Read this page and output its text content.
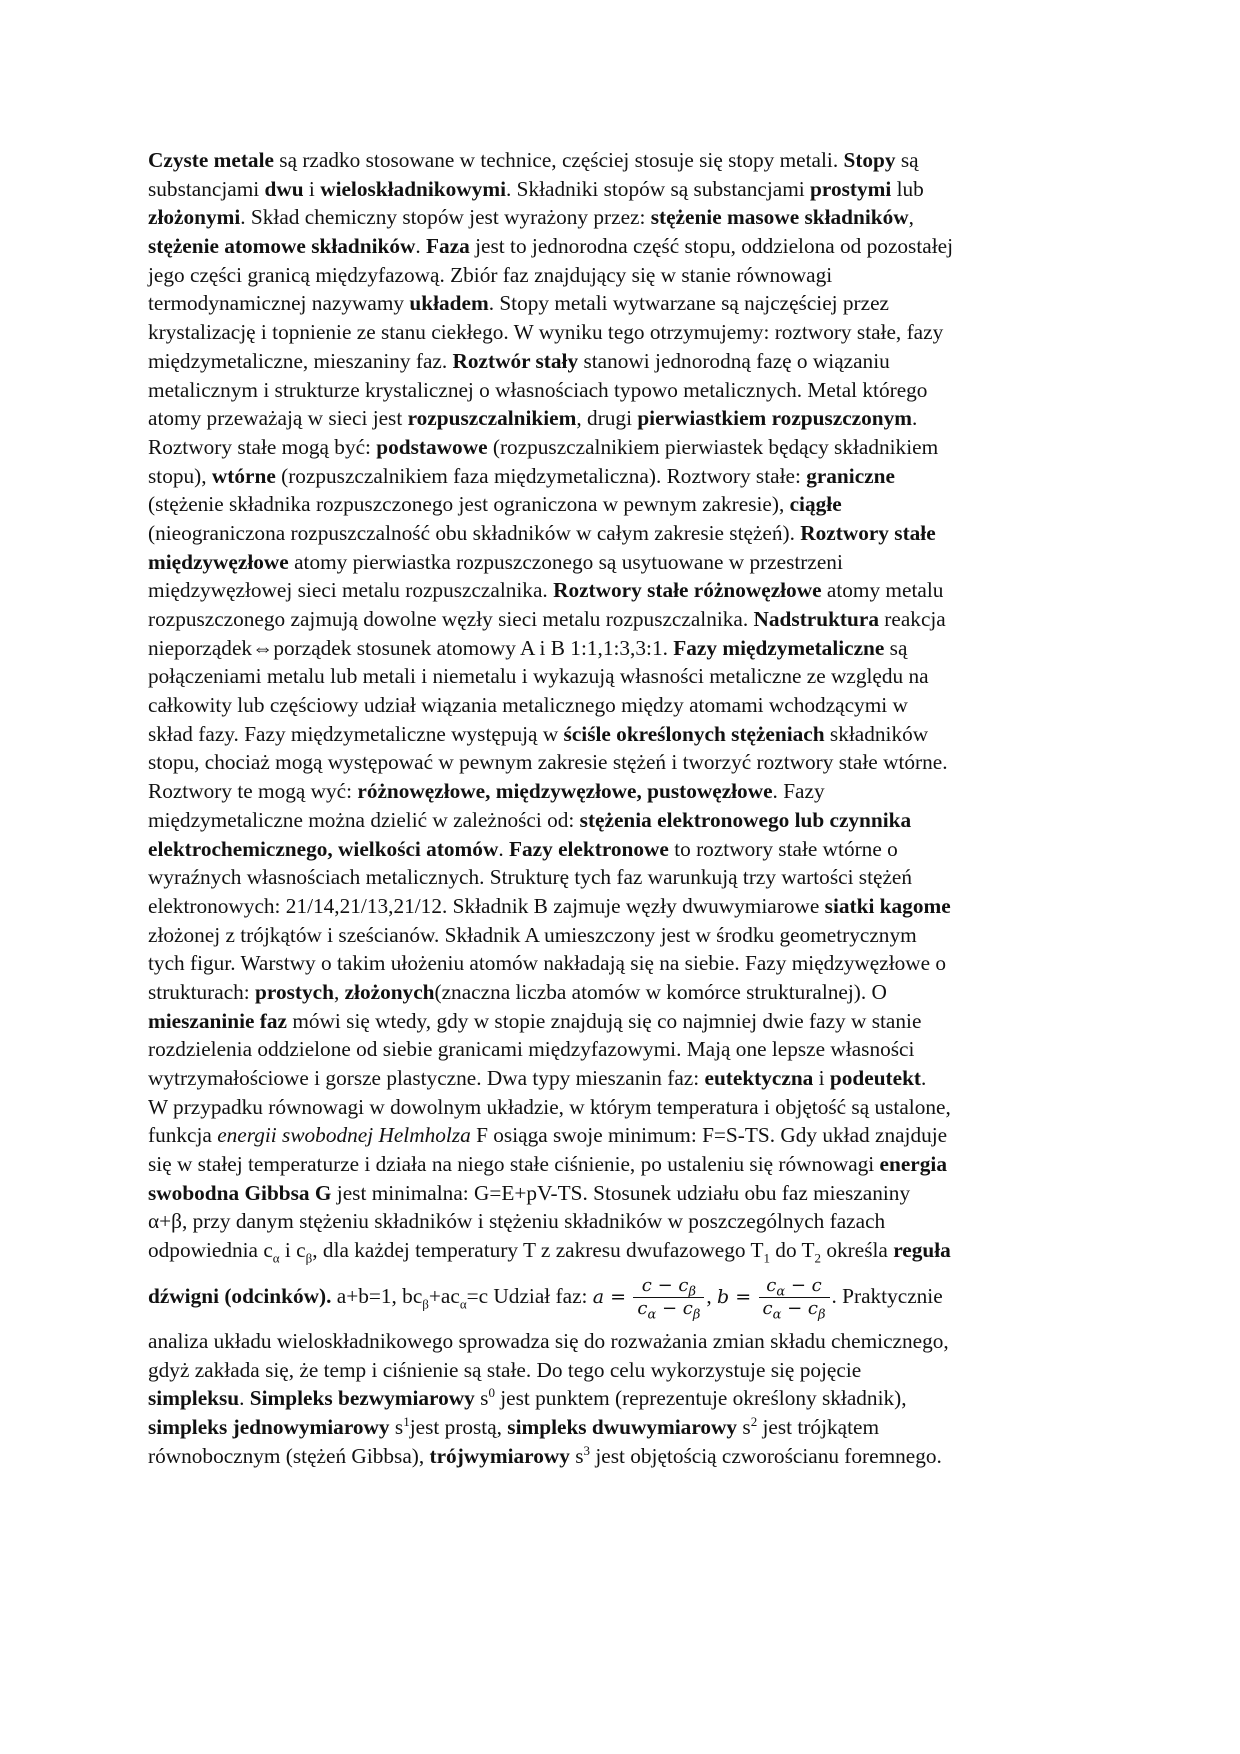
Czyste metale są rzadko stosowane w technice, częściej stosuje się stopy metali. Stopy są
substancjami dwu i wieloskładnikowymi. Składniki stopów są substancjami prostymi lub
złożonymi. Skład chemiczny stopów jest wyrażony przez: stężenie masowe składników,
stężenie atomowe składników. Faza jest to jednorodna część stopu, oddzielona od pozostałej
jego części granicą międzyfazową. Zbiór faz znajdujący się w stanie równowagi
termodynamicznej nazywamy układem. Stopy metali wytwarzane są najczęściej przez
krystalizację i topnienie ze stanu ciekłego. W wyniku tego otrzymujemy: roztwory stałe, fazy
międzymetaliczne, mieszaniny faz. Roztwór stały stanowi jednorodną fazę o wiązaniu
metalicznym i strukturze krystalicznej o własnościach typowo metalicznych. Metal którego
atomy przeważają w sieci jest rozpuszczalnikiem, drugi pierwiastkiem rozpuszczonym.
Roztwory stałe mogą być: podstawowe (rozpuszczalnikiem pierwiastek będący składnikiem
stopu), wtórne (rozpuszczalnikiem faza międzymetaliczna). Roztwory stałe: graniczne
(stężenie składnika rozpuszczonego jest ograniczona w pewnym zakresie), ciągłe
(nieograniczona rozpuszczalność obu składników w całym zakresie stężeń). Roztwory stałe
międzywęzłowe atomy pierwiastka rozpuszczonego są usytuowane w przestrzeni
międzywęzłowej sieci metalu rozpuszczalnika. Roztwory stałe różnowęzłowe atomy metalu
rozpuszczonego zajmują dowolne węzły sieci metalu rozpuszczalnika. Nadstruktura reakcja
nieporządek⇔porządek stosunek atomowy A i B 1:1,1:3,3:1. Fazy międzymetaliczne są
połączeniami metalu lub metali i niemetalu i wykazują własności metaliczne ze względu na
całkowity lub częściowy udział wiązania metalicznego między atomami wchodzącymi w
skład fazy. Fazy międzymetaliczne występują w ściśle określonych stężeniach składników
stopu, chociaż mogą występować w pewnym zakresie stężeń i tworzyć roztwory stałe wtórne.
Roztwory te mogą wyć: różnowęzłowe, międzywęzłowe, pustowęzłowe. Fazy
międzymetaliczne można dzielić w zależności od: stężenia elektronowego lub czynnika
elektrochemicznego, wielkości atomów. Fazy elektronowe to roztwory stałe wtórne o
wyraźnych własnościach metalicznych. Strukturę tych faz warunkują trzy wartości stężeń
elektronowych: 21/14,21/13,21/12. Składnik B zajmuje węzły dwuwymiarowe siatki kagome
złożonej z trójkątów i sześcianów. Składnik A umieszczony jest w środku geometrycznym
tych figur. Warstwy o takim ułożeniu atomów nakładają się na siebie. Fazy międzywęzłowe o
strukturach: prostych, złożonych(znaczna liczba atomów w komórce strukturalnej). O
mieszaninie faz mówi się wtedy, gdy w stopie znajdują się co najmniej dwie fazy w stanie
rozdzielenia oddzielone od siebie granicami międzyfazowymi. Mają one lepsze własności
wytrzymałościowe i gorsze plastyczne. Dwa typy mieszanin faz: eutektyczna i podeutekt.
W przypadku równowagi w dowolnym układzie, w którym temperatura i objętość są ustalone,
funkcja energii swobodnej Helmholza F osiąga swoje minimum: F=S-TS. Gdy układ znajduje
się w stałej temperaturze i działa na niego stałe ciśnienie, po ustaleniu się równowagi energia
swobodna Gibbsa G jest minimalna: G=E+pV-TS. Stosunek udziału obu faz mieszaniny
α+β, przy danym stężeniu składników i stężeniu składników w poszczególnych fazach
odpowiednia $c_\alpha$ i $c_\beta$, dla każdej temperatury T z zakresu dwufazowego $T_1$ do $T_2$ określa reguła
dźwigni (odcinków). a+b=1, $bc_\beta+ac_\alpha=c$ Udział faz: $a = \frac{c - c_\beta}{c_\alpha - c_\beta}$ , $b = \frac{c_\alpha - c}{c_\alpha - c_\beta}$ . Praktycznie
analiza układu wieloskładnikowego sprowadza się do rozważania zmian składu chemicznego,
gdyż zakłada się, że temp i ciśnienie są stałe. Do tego celu wykorzystuje się pojęcie
simpleksu. Simpleks bezwymiarowy $s^0$ jest punktem (reprezentuje określony składnik),
simpleks jednowymiarowy $s^1jest$ prostą, simpleks dwuwymiarowy $s^2$ jest trójkątem
równobocznym (stężeń Gibbsa), trójwymiarowy $s^3$ jest objętością czworościanu foremnego.
